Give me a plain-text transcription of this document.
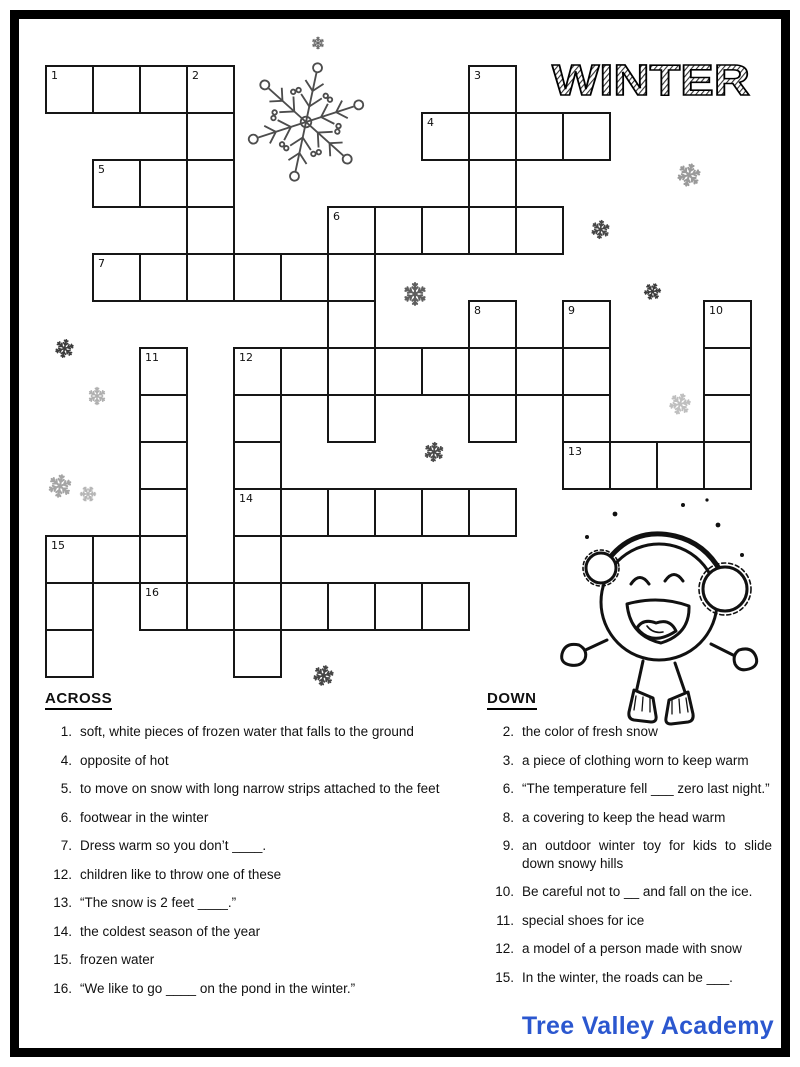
WINTER
1	2	3
4
5
6
7
8	9	10
11	12
13
14
15
16
ACROSS
1. soft, white pieces of frozen water that falls to the ground
4. opposite of hot
5. to move on snow with long narrow strips attached to the feet
6. footwear in the winter
7. Dress warm so you don’t ____.
12. children like to throw one of these
13. “The snow is 2 feet ____.”
14. the coldest season of the year
15. frozen water
16. “We like to go ____ on the pond in the winter.”
DOWN
2. the color of fresh snow
3. a piece of clothing worn to keep warm
6. “The temperature fell ___ zero last night.”
8. a covering to keep the head warm
9. an outdoor winter toy for kids to slide down snowy hills
10. Be careful not to __ and fall on the ice.
11. special shoes for ice
12. a model of a person made with snow
15. In the winter, the roads can be ___.
Tree Valley Academy
